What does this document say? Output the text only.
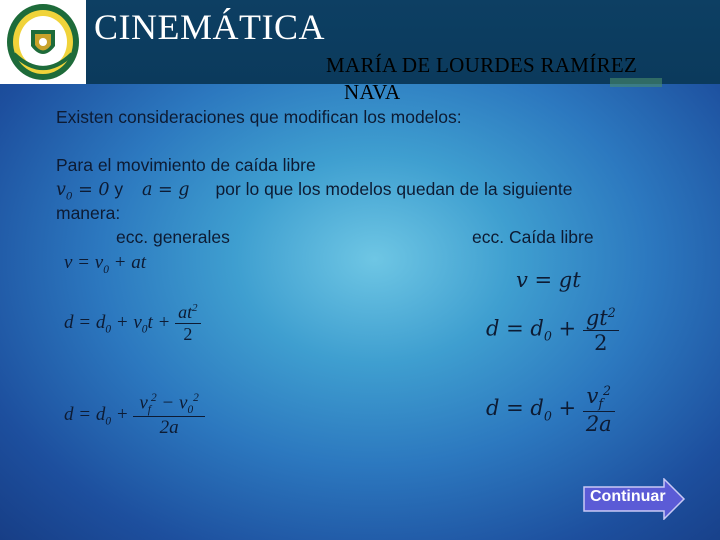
CINEMÁTICA
MARÍA DE LOURDES RAMÍREZ
NAVA
Existen consideraciones que modifican los modelos:
Para el movimiento de caída libre
$v_0 = 0$ y a = g por lo que los modelos quedan de la siguiente
manera:
ecc. generales	ecc. Caída libre
$v = v_0$ + at
$d = d_0 + v_0t + \frac{at^2}{2}$
$d = d_0 + \frac{v_f^2 - v_0^2}{2a}$
v = gt
$d = d_0 + \frac{gt^2}{2}$
$d = d_0 + \frac{v_f^2}{2a}$
Continuar
